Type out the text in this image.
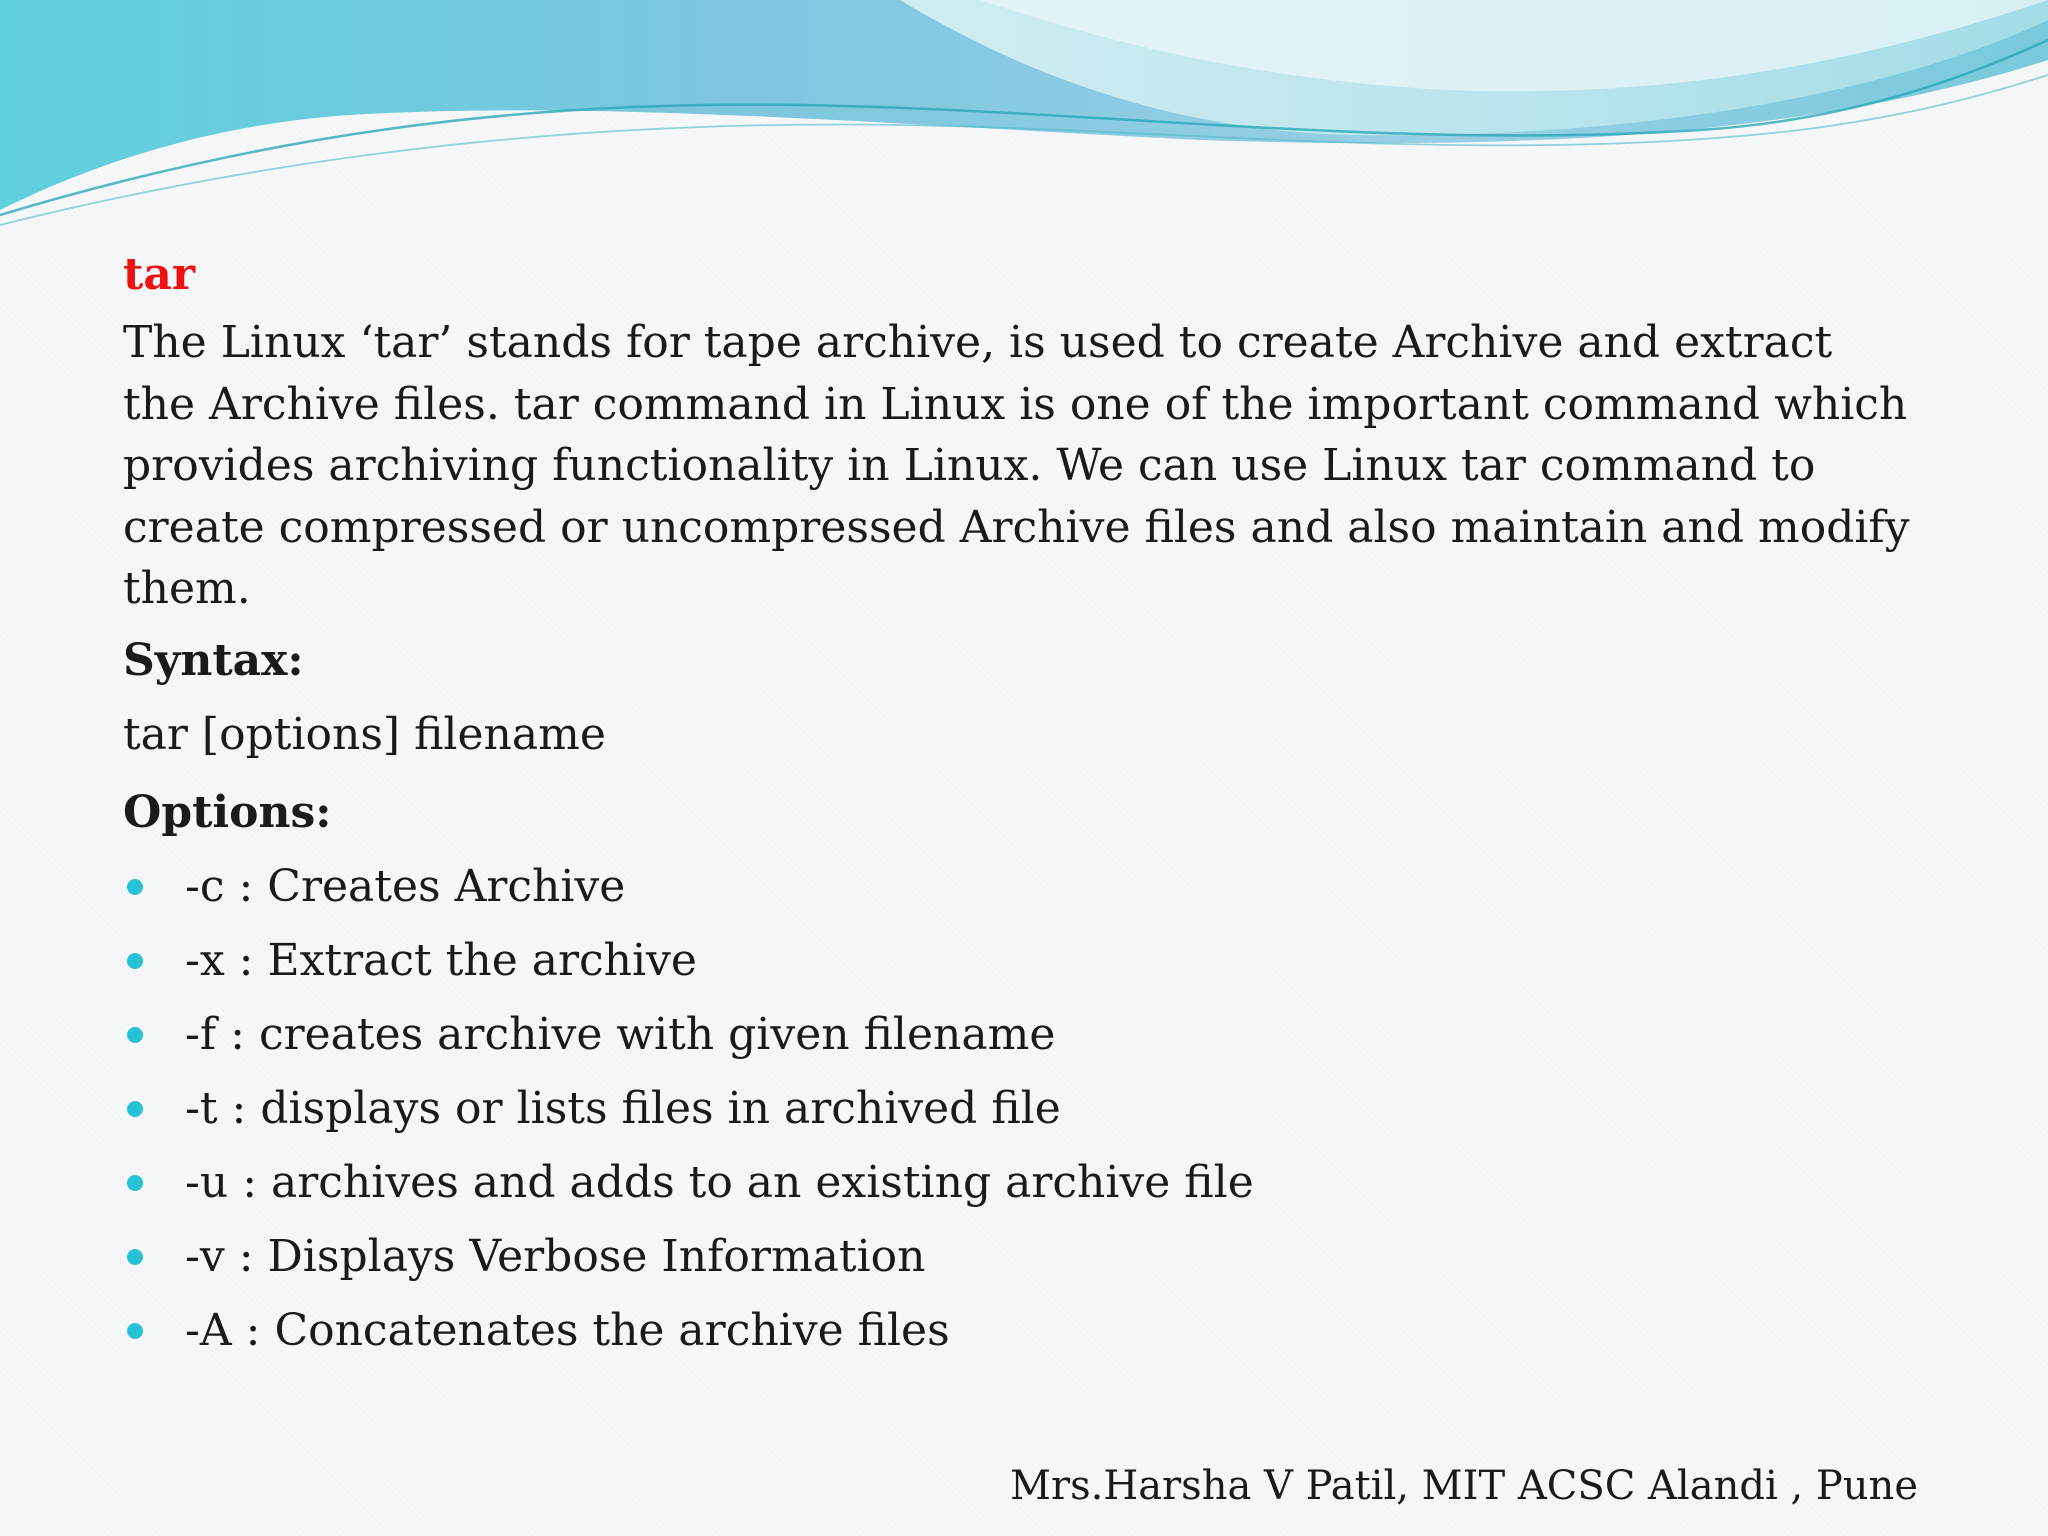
tar

The Linux ‘tar’ stands for tape archive, is used to create Archive and extract the Archive files. tar command in Linux is one of the important command which provides archiving functionality in Linux. We can use Linux tar command to create compressed or uncompressed Archive files and also maintain and modify them.

Syntax:

tar [options] filename

Options:

-c : Creates Archive
-x : Extract the archive
-f : creates archive with given filename
-t : displays or lists files in archived file
-u : archives and adds to an existing archive file
-v : Displays Verbose Information
-A : Concatenates the archive files
Mrs.Harsha V Patil, MIT ACSC Alandi , Pune
